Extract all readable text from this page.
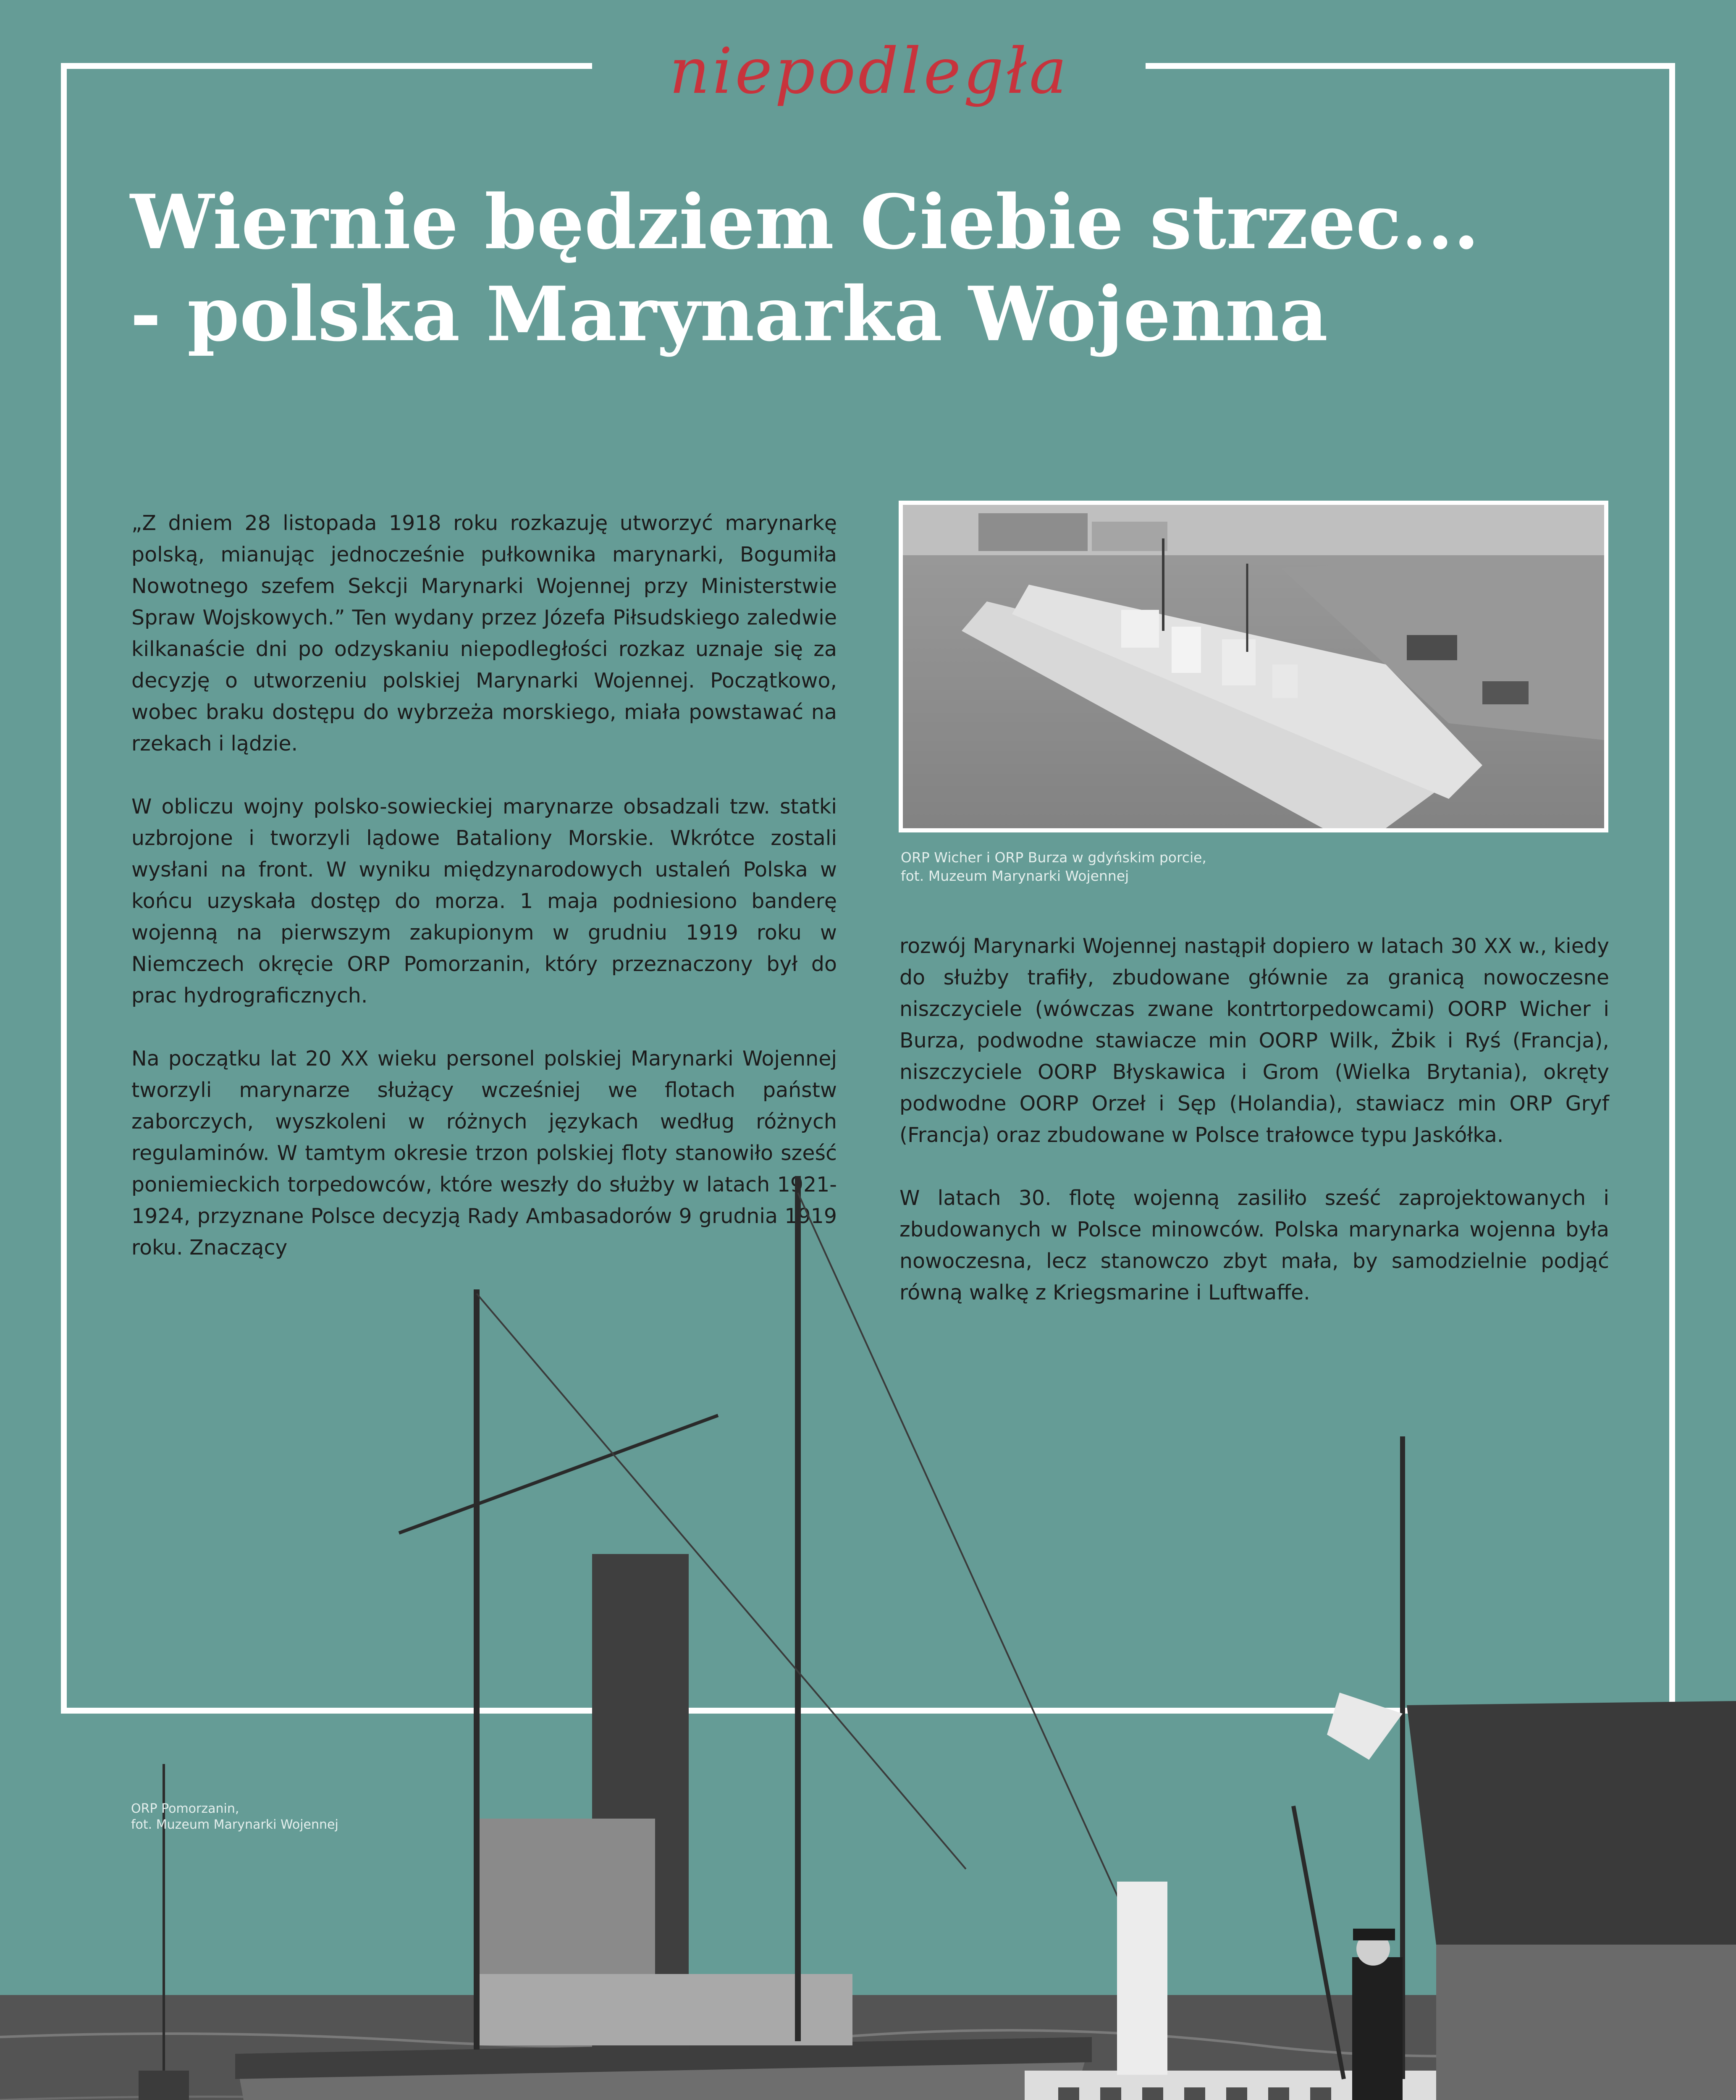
niepodległa
Wiernie będziem Ciebie strzec...
- polska Marynarka Wojenna

„Z dniem 28 listopada 1918 roku rozkazuję utworzyć marynarkę polską, mianując jednocześnie pułkownika marynarki, Bogumiła Nowotnego szefem Sekcji Marynarki Wojennej przy Ministerstwie Spraw Wojskowych.” Ten wydany przez Józefa Piłsudskiego zaledwie kilkanaście dni po odzyskaniu niepodległości rozkaz uznaje się za decyzję o utworzeniu polskiej Marynarki Wojennej. Początkowo, wobec braku dostępu do wybrzeża morskiego, miała powstawać na rzekach i lądzie.

W obliczu wojny polsko-sowieckiej marynarze obsadzali tzw. statki uzbrojone i tworzyli lądowe Bataliony Morskie. Wkrótce zostali wysłani na front. W wyniku międzynarodowych ustaleń Polska w końcu uzyskała dostęp do morza. 1 maja podniesiono banderę wojenną na pierwszym zakupionym w grudniu 1919 roku w Niemczech okręcie ORP Pomorzanin, który przeznaczony był do prac hydrograficznych.

Na początku lat 20 XX wieku personel polskiej Marynarki Wojennej tworzyli marynarze służący wcześniej we flotach państw zaborczych, wyszkoleni w różnych językach według różnych regulaminów. W tamtym okresie trzon polskiej floty stanowiło sześć poniemieckich torpedowców, które weszły do służby w latach 1921-1924, przyznane Polsce decyzją Rady Ambasadorów 9 grudnia 1919 roku. Znaczący

ORP Wicher i ORP Burza w gdyńskim porcie,
fot. Muzeum Marynarki Wojennej

rozwój Marynarki Wojennej nastąpił dopiero w latach 30 XX w., kiedy do służby trafiły, zbudowane głównie za granicą nowoczesne niszczyciele (wówczas zwane kontrtorpedowcami) OORP Wicher i Burza, podwodne stawiacze min OORP Wilk, Żbik i Ryś (Francja), niszczyciele OORP Błyskawica i Grom (Wielka Brytania), okręty podwodne OORP Orzeł i Sęp (Holandia), stawiacz min ORP Gryf (Francja) oraz zbudowane w Polsce trałowce typu Jaskółka.

W latach 30. flotę wojenną zasiliło sześć zaprojektowanych i zbudowanych w Polsce minowców. Polska marynarka wojenna była nowoczesna, lecz stanowczo zbyt mała, by samodzielnie podjąć równą walkę z Kriegsmarine i Luftwaffe.

ORP Pomorzanin,
fot. Muzeum Marynarki Wojennej
